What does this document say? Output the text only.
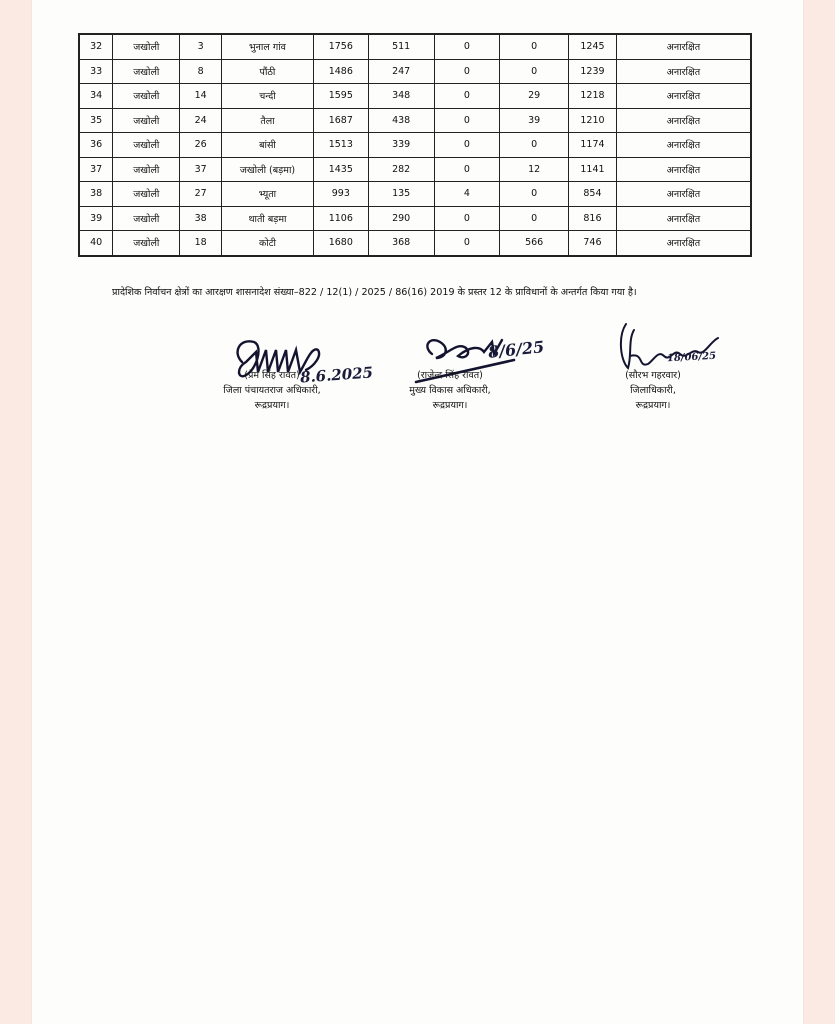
32	जखोली	3	भुनाल गांव	1756	511	0	0	1245	अनारक्षित
33	जखोली	8	पौंठी	1486	247	0	0	1239	अनारक्षित
34	जखोली	14	चन्दी	1595	348	0	29	1218	अनारक्षित
35	जखोली	24	तैला	1687	438	0	39	1210	अनारक्षित
36	जखोली	26	बांसी	1513	339	0	0	1174	अनारक्षित
37	जखोली	37	जखोली (बड़मा)	1435	282	0	12	1141	अनारक्षित
38	जखोली	27	भ्यूता	993	135	4	0	854	अनारक्षित
39	जखोली	38	थाती बड़मा	1106	290	0	0	816	अनारक्षित
40	जखोली	18	कोटी	1680	368	0	566	746	अनारक्षित
प्रादेशिक निर्वाचन क्षेत्रों का आरक्षण शासनादेश संख्या–822 / 12(1) / 2025 / 86(16) 2019 के प्रस्तर 12 के प्राविधानों के अन्तर्गत किया गया है।
8.6.2025
8/6/25	18/06/25
(प्रेम सिंह रावत)
जिला पंचायतराज अधिकारी,
रूद्रप्रयाग।
(राजेन्द्र सिंह रावत)
मुख्य विकास अधिकारी,
रूद्रप्रयाग।
(सौरभ गहरवार)
जिलाधिकारी,
रूद्रप्रयाग।
